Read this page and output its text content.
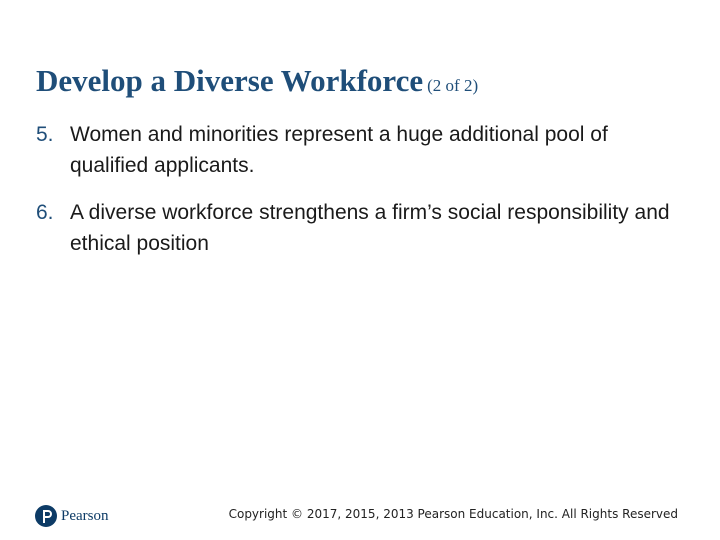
Develop a Diverse Workforce (2 of 2)
5. Women and minorities represent a huge additional pool of qualified applicants.
6. A diverse workforce strengthens a firm’s social responsibility and ethical position
Pearson	Copyright © 2017, 2015, 2013 Pearson Education, Inc. All Rights Reserved
